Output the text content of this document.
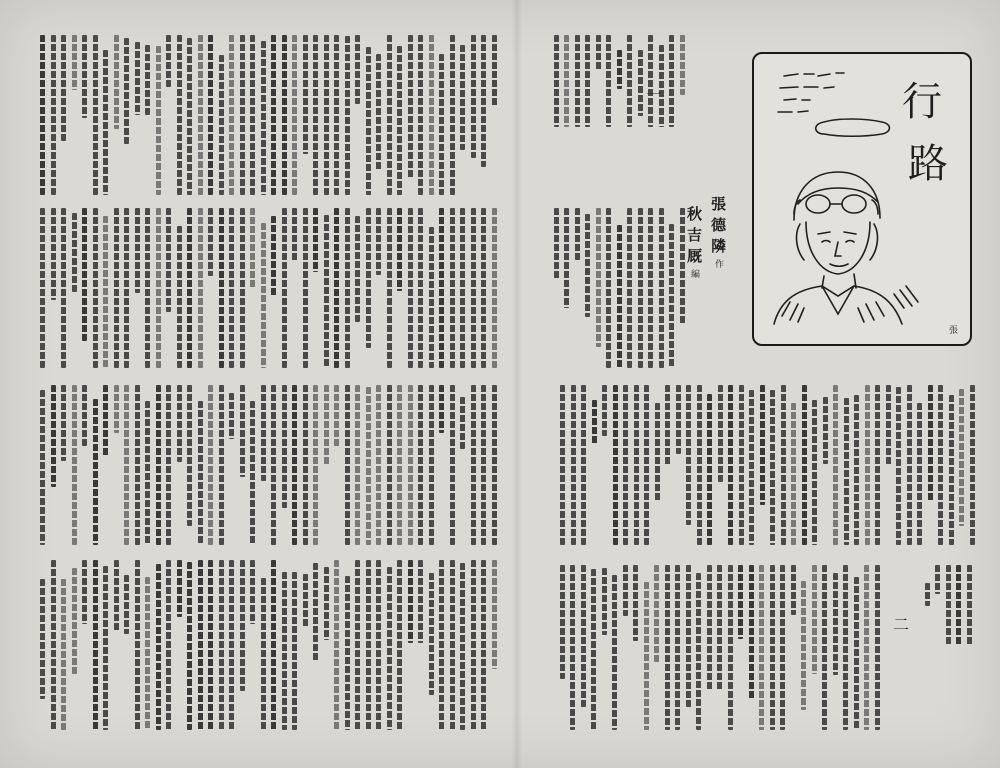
一
二
張德隣作
秋吉厩編
行
路
張
